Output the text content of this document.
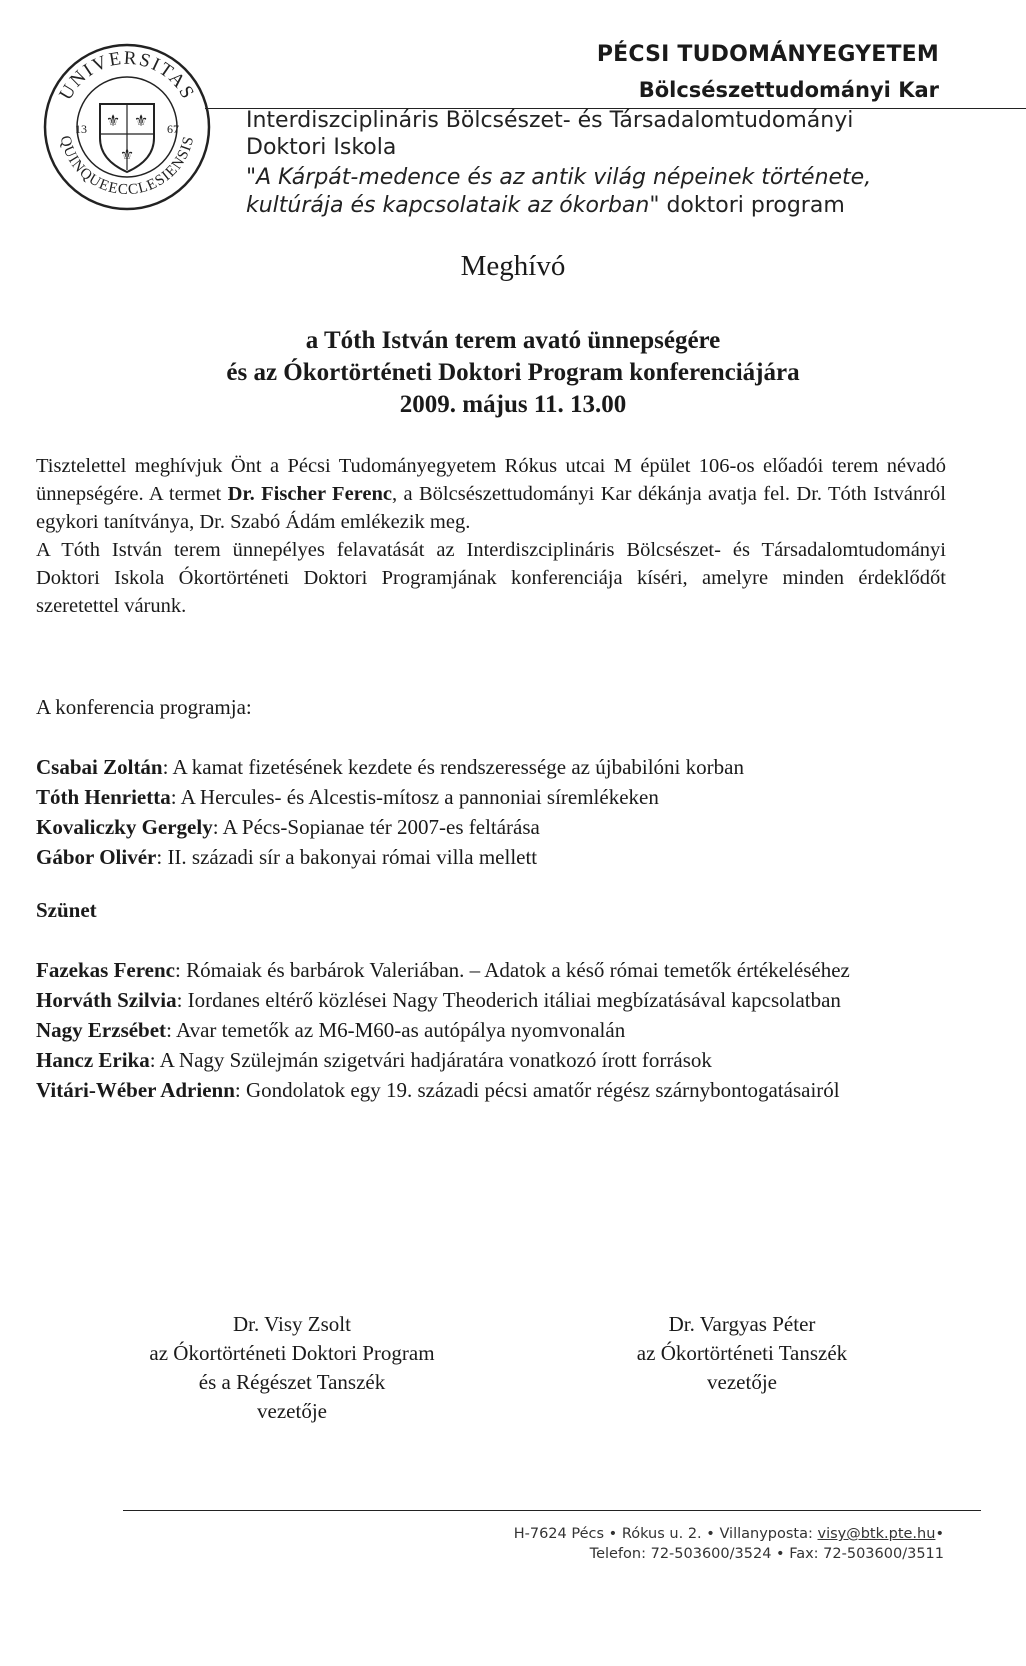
UNIVERSITAS
QUINQUEECCLESIENSIS
⚜ ⚜
⚜
13	67
PÉCSI TUDOMÁNYEGYETEM
Bölcsészettudományi Kar
Interdiszciplináris Bölcsészet- és Társadalomtudományi
Doktori Iskola
"A Kárpát-medence és az antik világ népeinek története,
kultúrája és kapcsolataik az ókorban" doktori program
Meghívó
a Tóth István terem avató ünnepségére
és az Ókortörténeti Doktori Program konferenciájára
2009. május 11. 13.00

Tisztelettel meghívjuk Önt a Pécsi Tudományegyetem Rókus utcai M épület 106-os előadói terem névadó ünnepségére. A termet Dr. Fischer Ferenc, a Bölcsészettudományi Kar dékánja avatja fel. Dr. Tóth Istvánról egykori tanítványa, Dr. Szabó Ádám emlékezik meg.

A Tóth István terem ünnepélyes felavatását az Interdiszciplináris Bölcsészet- és Társadalomtudományi Doktori Iskola Ókortörténeti Doktori Programjának konferenciája kíséri, amelyre minden érdeklődőt szeretettel várunk.

A konferencia programja:
Csabai Zoltán: A kamat fizetésének kezdete és rendszeressége az újbabilóni korban
Tóth Henrietta: A Hercules- és Alcestis-mítosz a pannoniai síremlékeken
Kovaliczky Gergely: A Pécs-Sopianae tér 2007-es feltárása
Gábor Olivér: II. századi sír a bakonyai római villa mellett
Szünet
Fazekas Ferenc: Rómaiak és barbárok Valeriában. – Adatok a késő római temetők értékeléséhez
Horváth Szilvia: Iordanes eltérő közlései Nagy Theoderich itáliai megbízatásával kapcsolatban
Nagy Erzsébet: Avar temetők az M6-M60-as autópálya nyomvonalán
Hancz Erika: A Nagy Szülejmán szigetvári hadjáratára vonatkozó írott források
Vitári-Wéber Adrienn: Gondolatok egy 19. századi pécsi amatőr régész szárnybontogatásairól
Dr. Visy Zsolt
az Ókortörténeti Doktori Program
és a Régészet Tanszék
vezetője
Dr. Vargyas Péter
az Ókortörténeti Tanszék
vezetője
H-7624 Pécs • Rókus u. 2. • Villanyposta: visy@btk.pte.hu•
Telefon: 72-503600/3524 • Fax: 72-503600/3511
